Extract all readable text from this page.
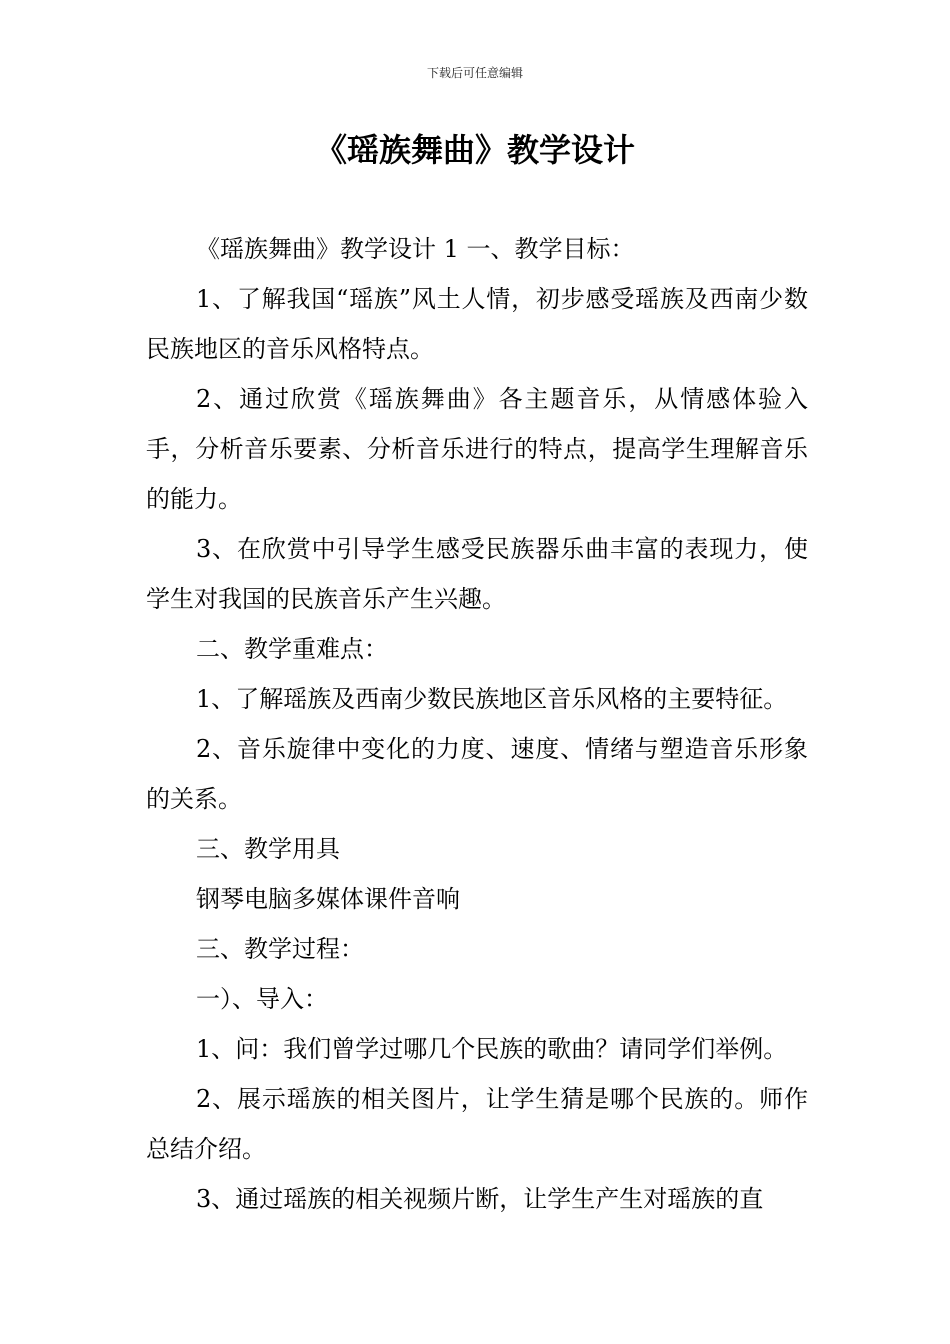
下载后可任意编辑
《瑶族舞曲》教学设计

《瑶族舞曲》教学设计 1 一、教学目标：

1、了解我国“瑶族”风土人情，初步感受瑶族及西南少数民族地区的音乐风格特点。

2、通过欣赏《瑶族舞曲》各主题音乐，从情感体验入手，分析音乐要素、分析音乐进行的特点，提高学生理解音乐的能力。

3、在欣赏中引导学生感受民族器乐曲丰富的表现力，使学生对我国的民族音乐产生兴趣。

二、教学重难点：

1、了解瑶族及西南少数民族地区音乐风格的主要特征。

2、音乐旋律中变化的力度、速度、情绪与塑造音乐形象的关系。

三、教学用具

钢琴电脑多媒体课件音响

三、教学过程：

一）、导入：

1、问：我们曾学过哪几个民族的歌曲？请同学们举例。

2、展示瑶族的相关图片，让学生猜是哪个民族的。师作总结介绍。

3、通过瑶族的相关视频片断，让学生产生对瑶族的直
